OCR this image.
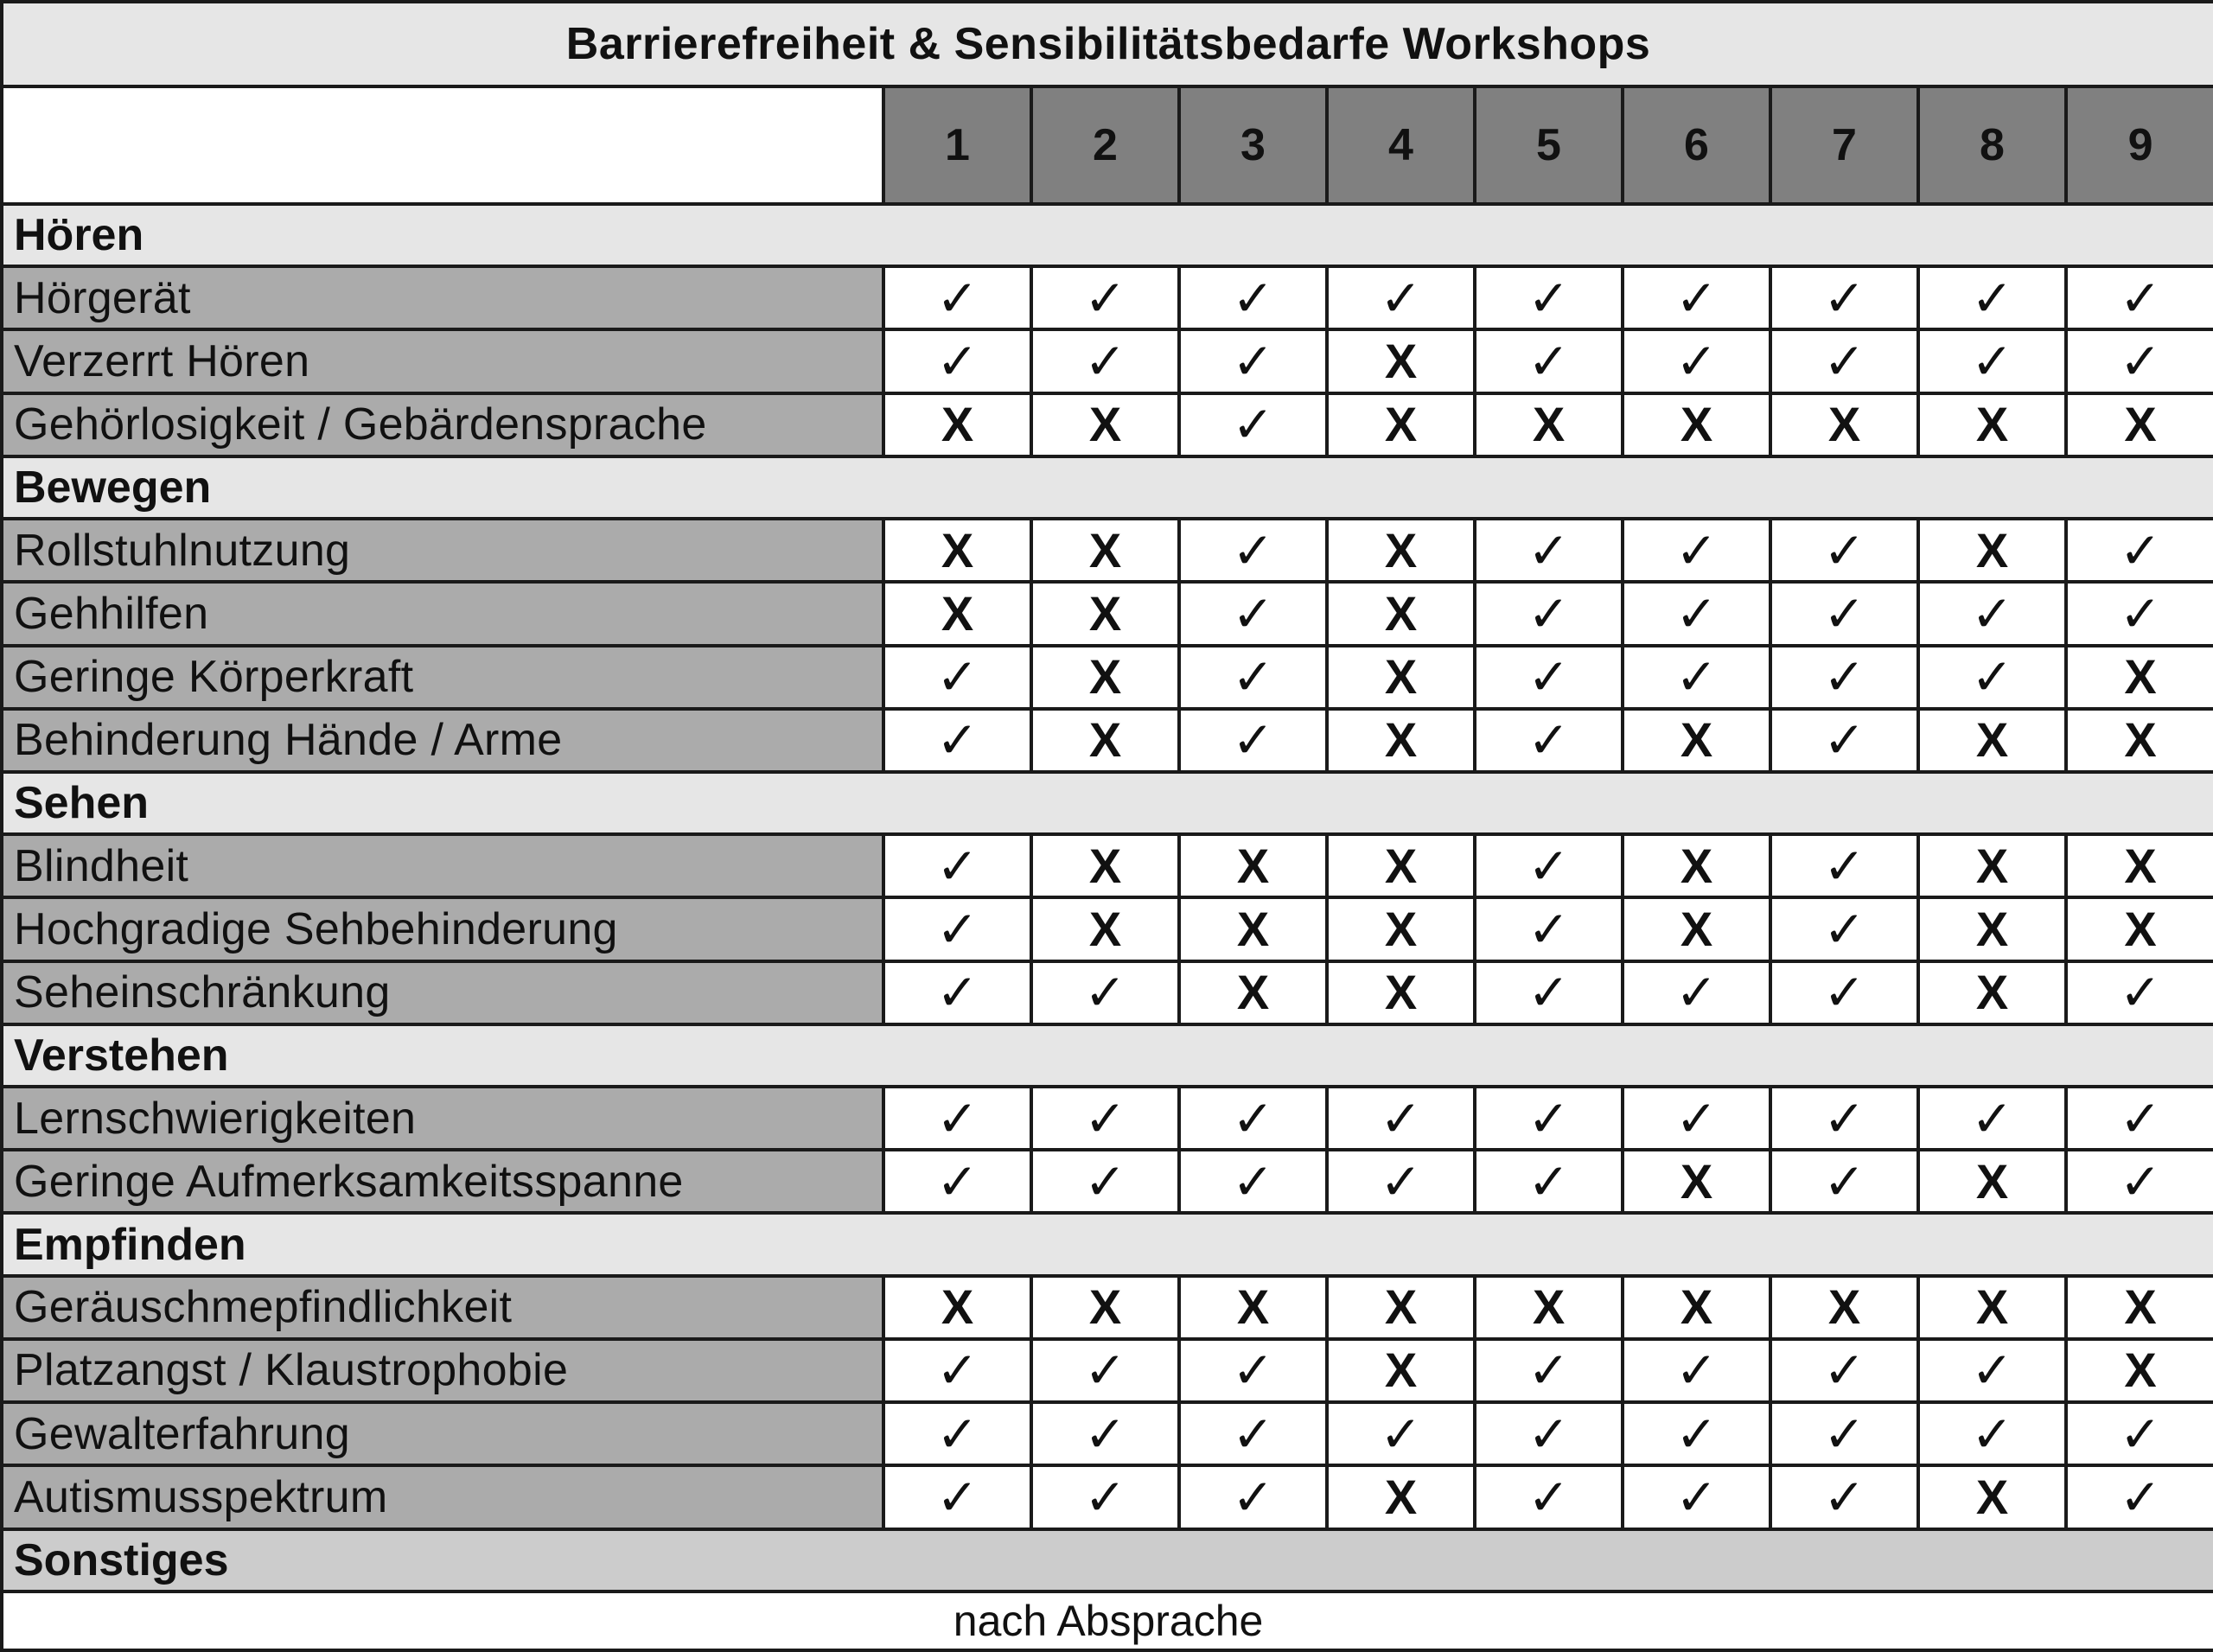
Barrierefreiheit & Sensibilitätsbedarfe Workshops									
	1	2	3	4	5	6	7	8	9
Hören									
Hörgerät	✓	✓	✓	✓	✓	✓	✓	✓	✓
Verzerrt Hören	✓	✓	✓	X	✓	✓	✓	✓	✓
Gehörlosigkeit / Gebärdensprache	X	X	✓	X	X	X	X	X	X
Bewegen									
Rollstuhlnutzung	X	X	✓	X	✓	✓	✓	X	✓
Gehhilfen	X	X	✓	X	✓	✓	✓	✓	✓
Geringe Körperkraft	✓	X	✓	X	✓	✓	✓	✓	X
Behinderung Hände / Arme	✓	X	✓	X	✓	X	✓	X	X
Sehen									
Blindheit	✓	X	X	X	✓	X	✓	X	X
Hochgradige Sehbehinderung	✓	X	X	X	✓	X	✓	X	X
Seheinschränkung	✓	✓	X	X	✓	✓	✓	X	✓
Verstehen									
Lernschwierigkeiten	✓	✓	✓	✓	✓	✓	✓	✓	✓
Geringe Aufmerksamkeitsspanne	✓	✓	✓	✓	✓	X	✓	X	✓
Empfinden									
Geräuschmepfindlichkeit	X	X	X	X	X	X	X	X	X
Platzangst / Klaustrophobie	✓	✓	✓	X	✓	✓	✓	✓	X
Gewalterfahrung	✓	✓	✓	✓	✓	✓	✓	✓	✓
Autismusspektrum	✓	✓	✓	X	✓	✓	✓	X	✓
Sonstiges									
nach Absprache									
